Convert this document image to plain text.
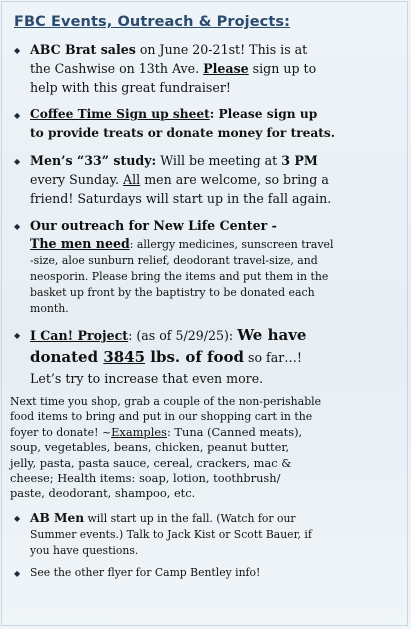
FBC Events, Outreach & Projects:
◆ ABC Brat sales on June 20-21st! This is at
the Cashwise on 13th Ave. Please sign up to
help with this great fundraiser!
◆ Coffee Time Sign up sheet: Please sign up
to provide treats or donate money for treats.
◆ Men’s “33” study: Will be meeting at 3 PM
every Sunday. All men are welcome, so bring a
friend! Saturdays will start up in the fall again.
◆ Our outreach for New Life Center -
The men need: allergy medicines, sunscreen travel
-size, aloe sunburn relief, deodorant travel-size, and
neosporin. Please bring the items and put them in the
basket up front by the baptistry to be donated each
month.
◆ I Can! Project: (as of 5/29/25): We have
donated 3845 lbs. of food so far…!
Let’s try to increase that even more.
Next time you shop, grab a couple of the non-perishable
food items to bring and put in our shopping cart in the
foyer to donate! ~Examples: Tuna (Canned meats),
soup, vegetables, beans, chicken, peanut butter,
jelly, pasta, pasta sauce, cereal, crackers, mac &
cheese; Health items: soap, lotion, toothbrush/
paste, deodorant, shampoo, etc.
◆ AB Men will start up in the fall. (Watch for our
Summer events.) Talk to Jack Kist or Scott Bauer, if
you have questions.
◆ See the other flyer for Camp Bentley info!
